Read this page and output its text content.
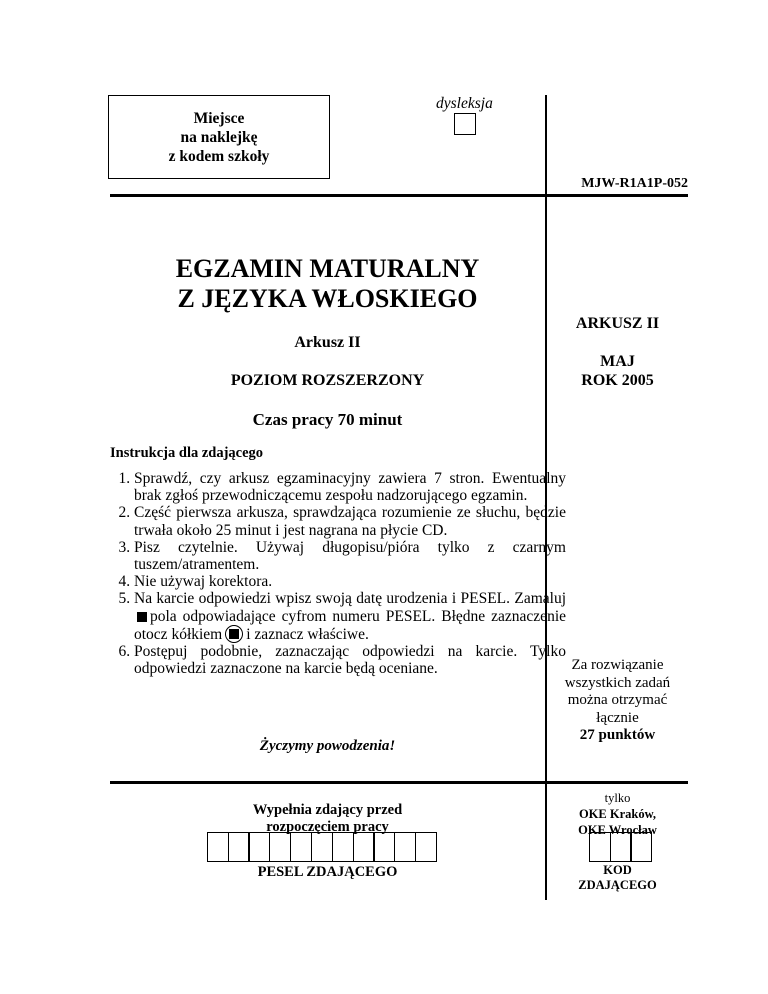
Miejsce
na naklejkę
z kodem szkoły
dysleksja
MJW-R1A1P-052
EGZAMIN MATURALNY
Z JĘZYKA WŁOSKIEGO
Arkusz II
POZIOM ROZSZERZONY
Czas pracy 70 minut
ARKUSZ II
MAJ
ROK 2005
Instrukcja dla zdającego
1. Sprawdź, czy arkusz egzaminacyjny zawiera 7 stron. Ewentualny brak zgłoś przewodniczącemu zespołu nadzorującego egzamin.
2. Część pierwsza arkusza, sprawdzająca rozumienie ze słuchu, będzie trwała około 25 minut i jest nagrana na płycie CD.
3. Pisz czytelnie. Używaj długopisu/pióra tylko z czarnym tuszem/atramentem.
4. Nie używaj korektora.
5. Na karcie odpowiedzi wpisz swoją datę urodzenia i PESEL. Zamalujpola odpowiadające cyfrom numeru PESEL. Błędne zaznaczenie otocz kółkiem i zaznacz właściwe.
6. Postępuj podobnie, zaznaczając odpowiedzi na karcie. Tylko odpowiedzi zaznaczone na karcie będą oceniane.
Życzymy powodzenia!
Za rozwiązanie
wszystkich zadań
można otrzymać
łącznie
27 punktów
Wypełnia zdający przed
rozpoczęciem pracy
PESEL ZDAJĄCEGO
tylko
OKE Kraków,
OKE Wrocław
KOD
ZDAJĄCEGO
